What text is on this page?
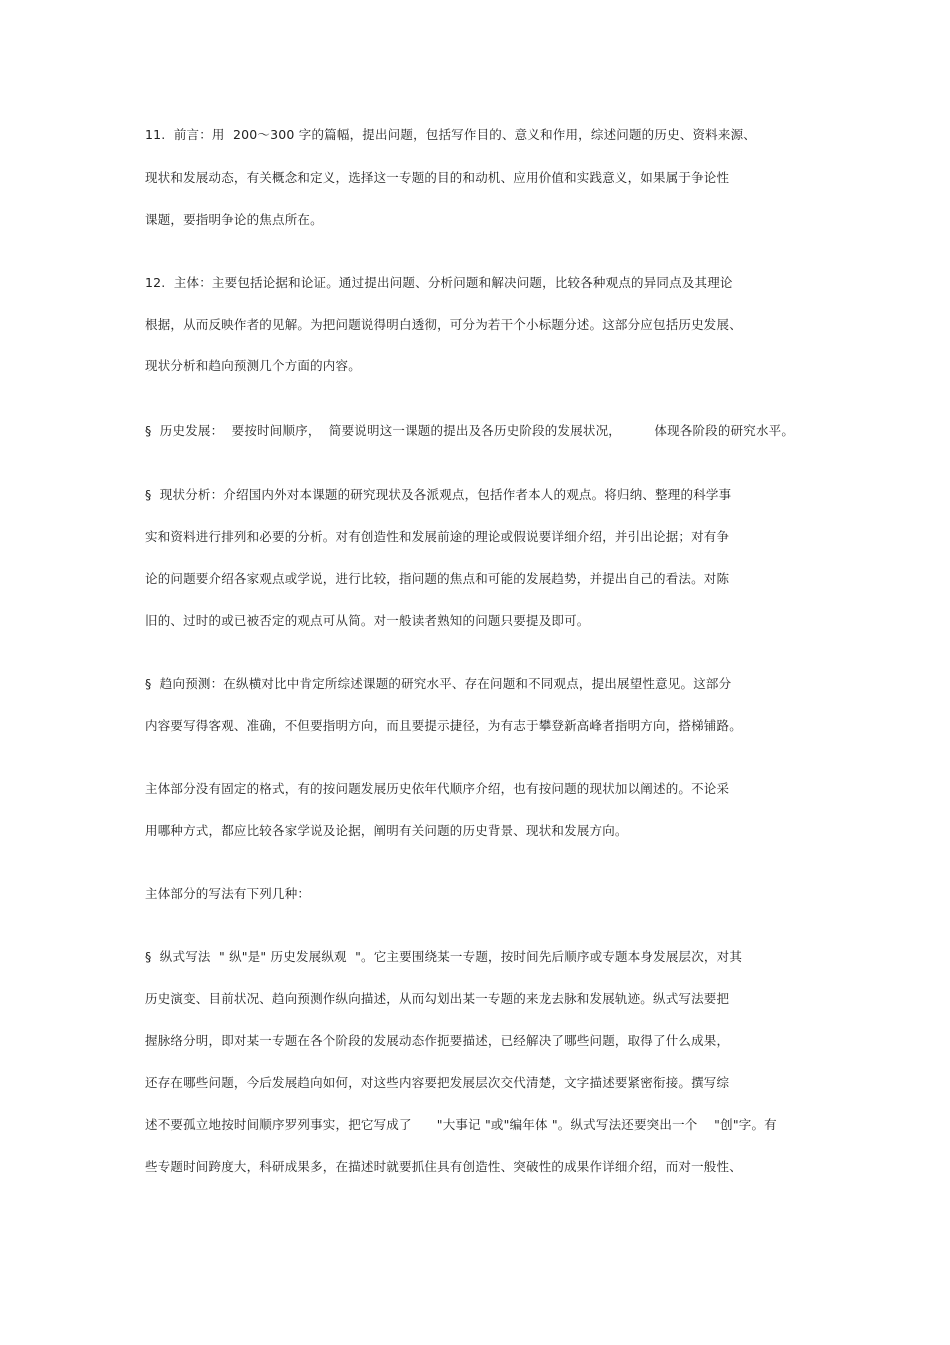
11.  前言：用  200～300 字的篇幅，提出问题，包括写作目的、意义和作用，综述问题的历史、资料来源、
现状和发展动态，有关概念和定义，选择这一专题的目的和动机、应用价值和实践意义，如果属于争论性
课题，要指明争论的焦点所在。
12.  主体：主要包括论据和论证。通过提出问题、分析问题和解决问题，比较各种观点的异同点及其理论
根据，从而反映作者的见解。为把问题说得明白透彻，可分为若干个小标题分述。这部分应包括历史发展、
现状分析和趋向预测几个方面的内容。
§  历史发展：  要按时间顺序，  简要说明这一课题的提出及各历史阶段的发展状况，        体现各阶段的研究水平。
§  现状分析：介绍国内外对本课题的研究现状及各派观点，包括作者本人的观点。将归纳、整理的科学事
实和资料进行排列和必要的分析。对有创造性和发展前途的理论或假说要详细介绍，并引出论据；对有争
论的问题要介绍各家观点或学说，进行比较，指问题的焦点和可能的发展趋势，并提出自己的看法。对陈
旧的、过时的或已被否定的观点可从简。对一般读者熟知的问题只要提及即可。
§  趋向预测：在纵横对比中肯定所综述课题的研究水平、存在问题和不同观点，提出展望性意见。这部分
内容要写得客观、准确，不但要指明方向，而且要提示捷径，为有志于攀登新高峰者指明方向，搭梯铺路。
主体部分没有固定的格式，有的按问题发展历史依年代顺序介绍，也有按问题的现状加以阐述的。不论采
用哪种方式，都应比较各家学说及论据，阐明有关问题的历史背景、现状和发展方向。
主体部分的写法有下列几种：
§  纵式写法  " 纵"是" 历史发展纵观  "。它主要围绕某一专题，按时间先后顺序或专题本身发展层次，对其
历史演变、目前状况、趋向预测作纵向描述，从而勾划出某一专题的来龙去脉和发展轨迹。纵式写法要把
握脉络分明，即对某一专题在各个阶段的发展动态作扼要描述，已经解决了哪些问题，取得了什么成果，
还存在哪些问题，今后发展趋向如何，对这些内容要把发展层次交代清楚，文字描述要紧密衔接。撰写综
述不要孤立地按时间顺序罗列事实，把它写成了      "大事记 "或"编年体 "。纵式写法还要突出一个    "创"字。有
些专题时间跨度大，科研成果多，在描述时就要抓住具有创造性、突破性的成果作详细介绍，而对一般性、
